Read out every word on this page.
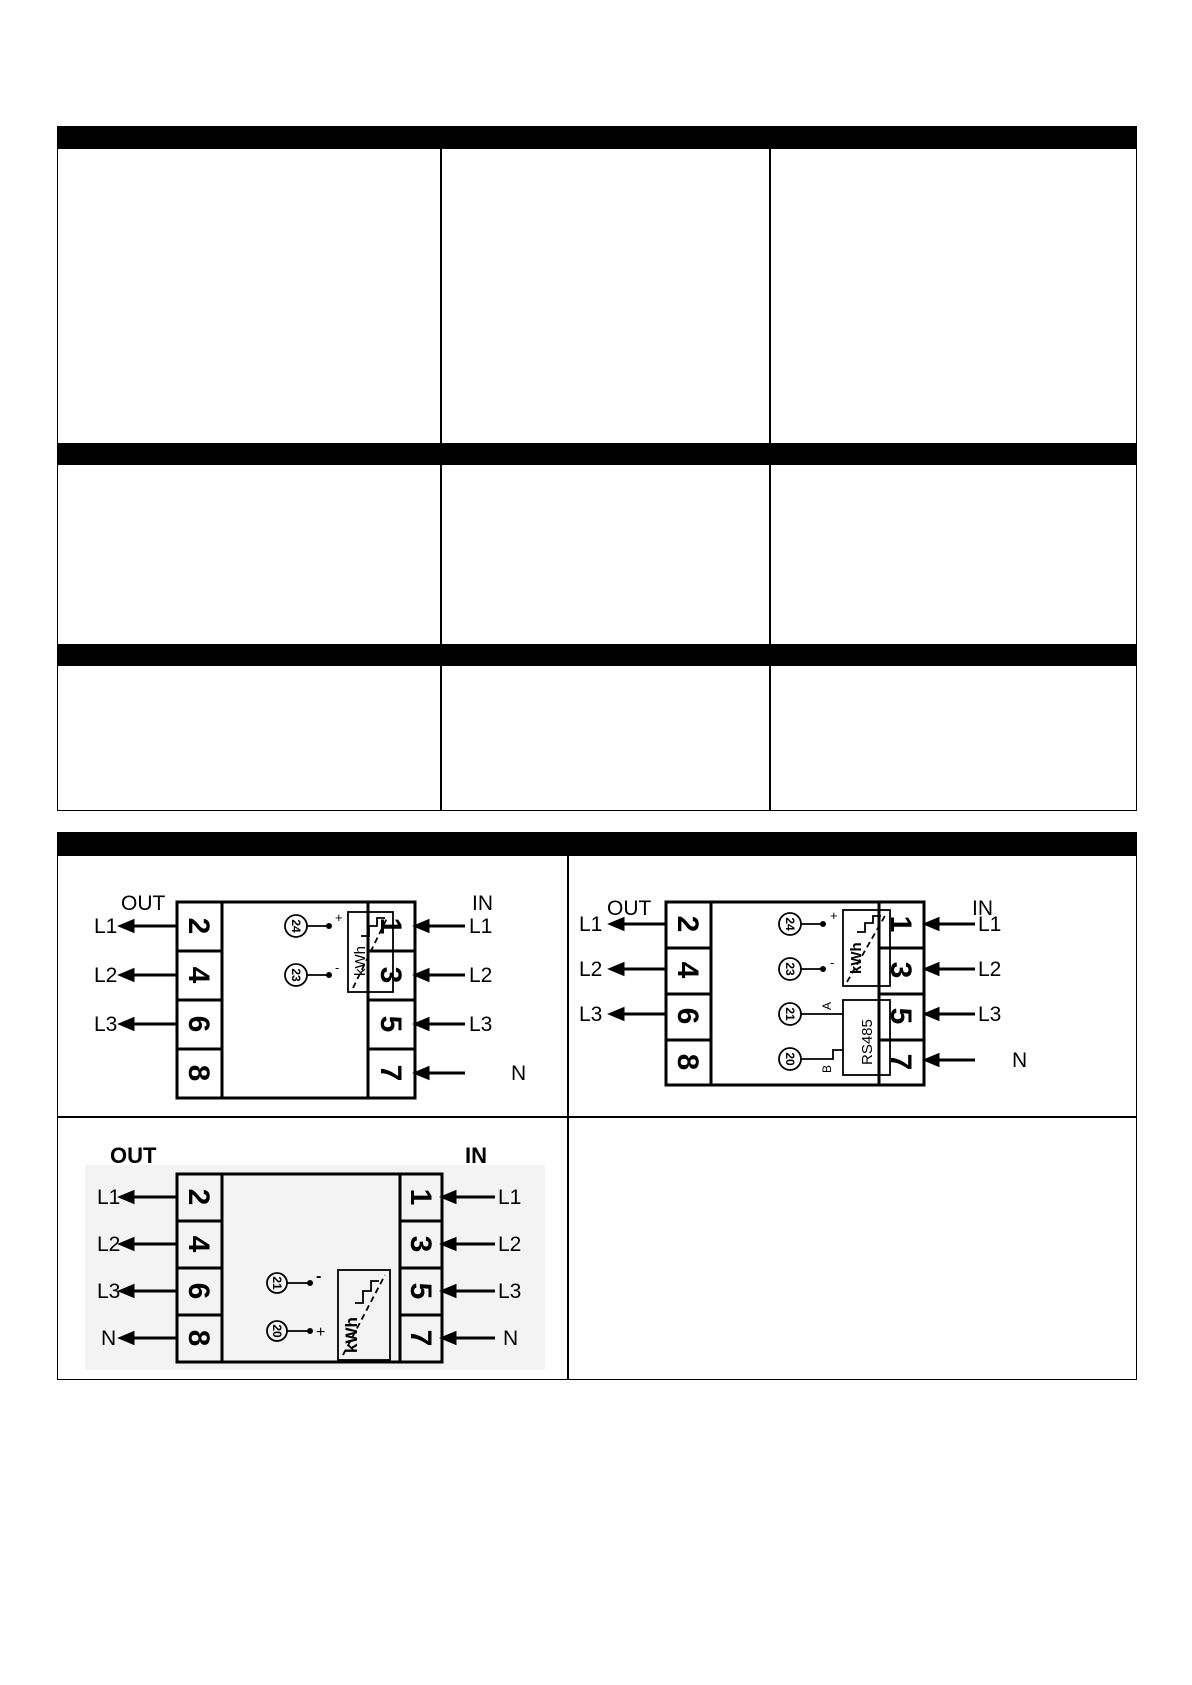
OUT	IN
L1
L2
L3
L1
L2
L3
N
2
4
6
8
1
3
5
7
24
23
+
- kWh
OUT	IN
L1
L2
L3
L1
L2
L3
N
2
4
6
8
1
3
5
7
24
23
21
20
+
-
A
B
kWh
RS485
OUT	IN
L1
L2
L3
N
L1
L2
L3
N
2
4
6
8
1
3
5
7
21
20
-
+ kWh
